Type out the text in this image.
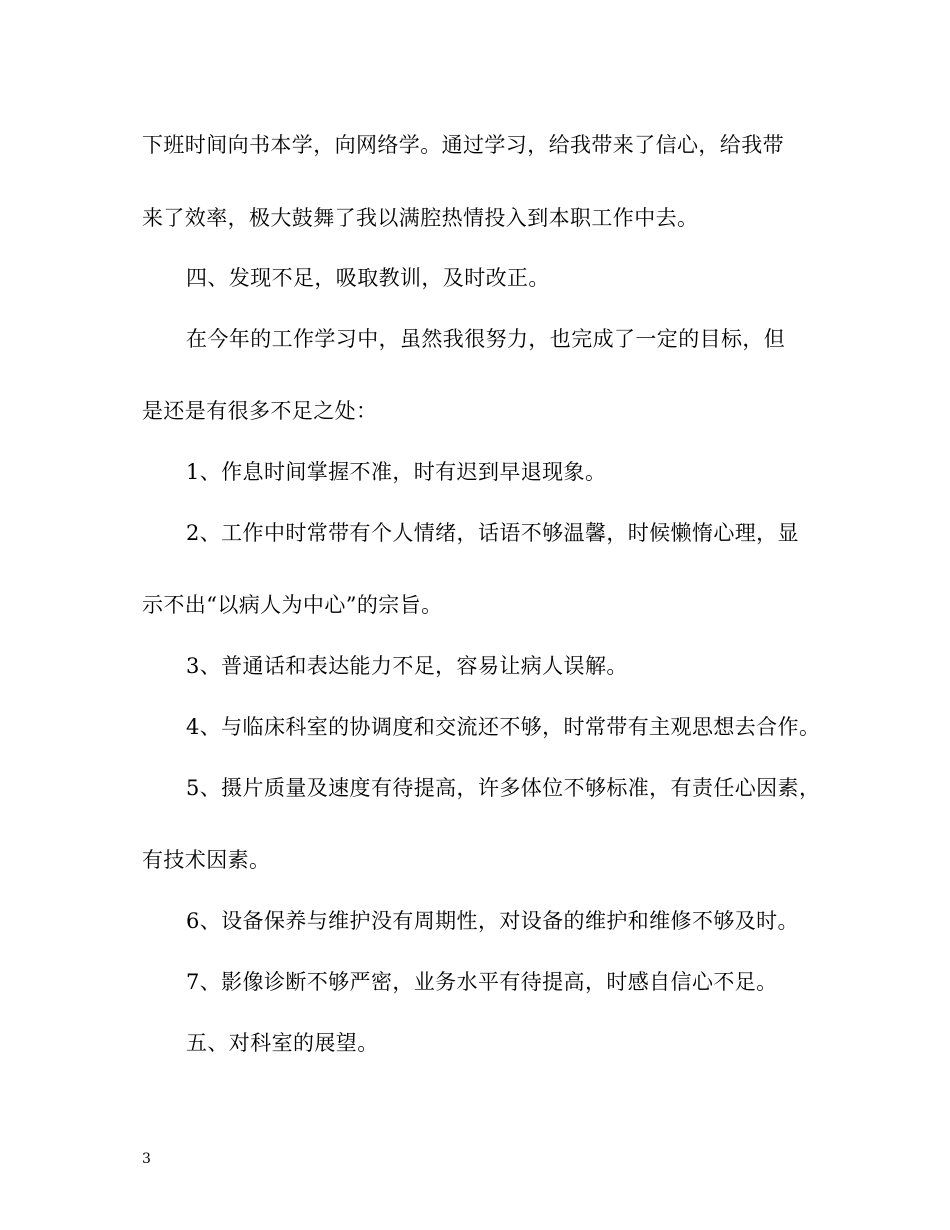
下班时间向书本学，向网络学。通过学习，给我带来了信心，给我带
来了效率，极大鼓舞了我以满腔热情投入到本职工作中去。
四、发现不足，吸取教训，及时改正。
在今年的工作学习中，虽然我很努力，也完成了一定的目标，但
是还是有很多不足之处：
1、作息时间掌握不准，时有迟到早退现象。
2、工作中时常带有个人情绪，话语不够温馨，时候懒惰心理，显
示不出“以病人为中心”的宗旨。
3、普通话和表达能力不足，容易让病人误解。
4、与临床科室的协调度和交流还不够，时常带有主观思想去合作。
5、摄片质量及速度有待提高，许多体位不够标准，有责任心因素，
有技术因素。
6、设备保养与维护没有周期性，对设备的维护和维修不够及时。
7、影像诊断不够严密，业务水平有待提高，时感自信心不足。
五、对科室的展望。
3
